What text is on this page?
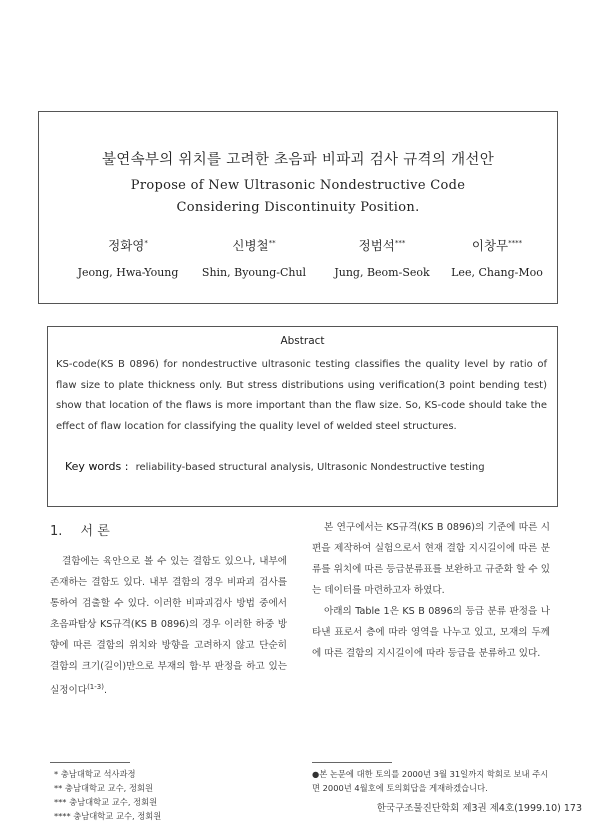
불연속부의 위치를 고려한 초음파 비파괴 검사 규격의 개선안
Propose of New Ultrasonic Nondestructive Code
Considering Discontinuity Position.
정화영*
Jeong, Hwa-Young
신병철**
Shin, Byoung-Chul
정범석***
Jung, Beom-Seok
이창무****
Lee, Chang-Moo
Abstract
KS-code(KS B 0896) for nondestructive ultrasonic testing classifies the quality level by ratio of flaw size to plate thickness only. But stress distributions using verification(3 point bending test) show that location of the flaws is more important than the flaw size. So, KS-code should take the effect of flaw location for classifying the quality level of welded steel structures.
Key words : reliability-based structural analysis, Ultrasonic Nondestructive testing
1. 서 론

결함에는 육안으로 볼 수 있는 결함도 있으나, 내부에 존재하는 결함도 있다. 내부 결함의 경우 비파괴 검사를 통하여 검출할 수 있다. 이러한 비파괴검사 방법 중에서 초음파탐상 KS규격(KS B 0896)의 경우 이러한 하중 방향에 따른 결함의 위치와 방향을 고려하지 않고 단순히 결함의 크기(길이)만으로 부재의 합·부 판정을 하고 있는 실정이다$^{(1-3)}$.

본 연구에서는 KS규격(KS B 0896)의 기준에 따른 시편을 제작하여 실험으로서 현재 결함 지시길이에 따른 분류를 위치에 따른 등급분류표를 보완하고 규준화 할 수 있는 데이터를 마련하고자 하였다.

아래의 Table 1은 KS B 0896의 등급 분류 판정을 나타낸 표로서 층에 따라 영역을 나누고 있고, 모재의 두께에 따른 결함의 지시길이에 따라 등급을 분류하고 있다.

* 충남대학교 석사과정
** 충남대학교 교수, 정회원
*** 충남대학교 교수, 정회원
**** 충남대학교 교수, 정회원
●본 논문에 대한 토의를 2000년 3월 31일까지 학회로 보내 주시면 2000년 4월호에 토의회답을 게재하겠습니다.
한국구조물진단학회 제3권 제4호(1999.10) 173
